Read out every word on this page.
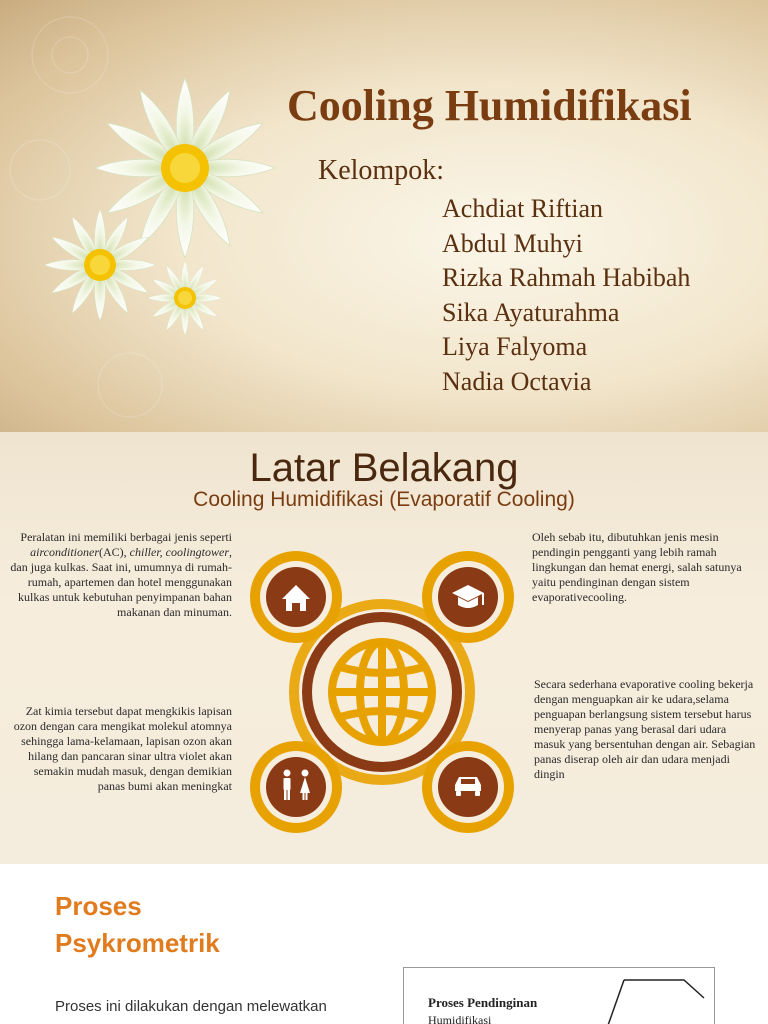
Cooling Humidifikasi
Kelompok:
Achdiat Riftian
Abdul Muhyi
Rizka Rahmah Habibah
Sika Ayaturahma
Liya Falyoma
Nadia Octavia
Latar Belakang
Cooling Humidifikasi (Evaporatif Cooling)
Peralatan ini memiliki berbagai jenis seperti airconditioner(AC), chiller, coolingtower, dan juga kulkas. Saat ini, umumnya di rumah-rumah, apartemen dan hotel menggunakan kulkas untuk kebutuhan penyimpanan bahan makanan dan minuman.
Zat kimia tersebut dapat mengkikis lapisan ozon dengan cara mengikat molekul atomnya sehingga lama-kelamaan, lapisan ozon akan hilang dan pancaran sinar ultra violet akan semakin mudah masuk, dengan demikian panas bumi akan meningkat
Oleh sebab itu, dibutuhkan jenis mesin pendingin pengganti yang lebih ramah lingkungan dan hemat energi, salah satunya yaitu pendinginan dengan sistem evaporativecooling.
Secara sederhana evaporative cooling bekerja dengan menguapkan air ke udara,selama penguapan berlangsung sistem tersebut harus menyerap panas yang berasal dari udara masuk yang bersentuhan dengan air. Sebagian panas diserap oleh air dan udara menjadi dingin
Proses
Psykrometrik
Proses ini dilakukan dengan melewatkan	Proses Pendinginan
Humidifikasi
